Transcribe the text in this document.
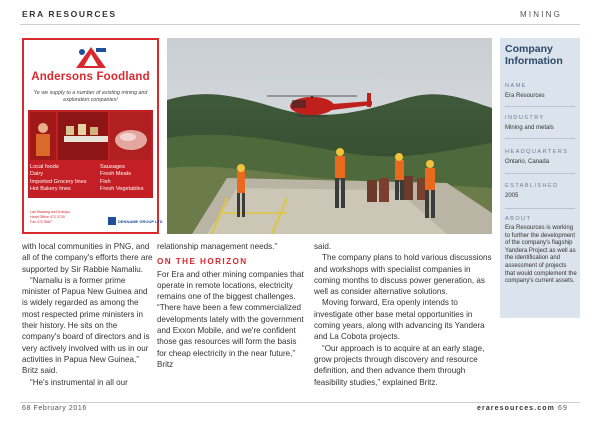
ERA RESOURCES	MINING
Andersons Foodland
Ye we supply to a number of existing mining and exploration companies!
Local foods
Dairy
Imported Grocery lines
Hot Bakery lines
Sausages
Fresh Meats
Fish
Fresh Vegetables
Lae Madang and Kokopo
Head Office 472 3730
Fax 472 5667	DENNAME GROUP LTD
Company Information
NAME
Era Resources
INDUSTRY
Mining and metals
HEADQUARTERS
Ontario, Canada
ESTABLISHED
2005
ABOUT
Era Resources is working to further the development of the company's flagship Yandera Project as well as the identification and assessment of projects that would complement the company's current assets.

with local communities in PNG, and all of the company's efforts there are supported by Sir Rabbie Namaliu.

“Namaliu is a former prime minister of Papua New Guinea and is widely regarded as among the most respected prime ministers in their history. He sits on the company's board of directors and is very actively involved with us in our activities in Papua New Guinea,” Britz said.

“He's instrumental in all our

relationship management needs.”

ON THE HORIZON

For Era and other mining companies that operate in remote locations, electricity remains one of the biggest challenges. “There have been a few commercialized developments lately with the government and Exxon Mobile, and we're confident those gas resources will form the basis for cheap electricity in the near future,” Britz

said.

The company plans to hold various discussions and workshops with specialist companies in coming months to discuss power generation, as well as consider alternative solutions.

Moving forward, Era openly intends to investigate other base metal opportunities in coming years, along with advancing its Yandera and La Cobota projects.

“Our approach is to acquire at an early stage, grow projects through discovery and resource definition, and then advance them through feasibility studies,” explained Britz.

68 February 2016	eraresources.com 69
